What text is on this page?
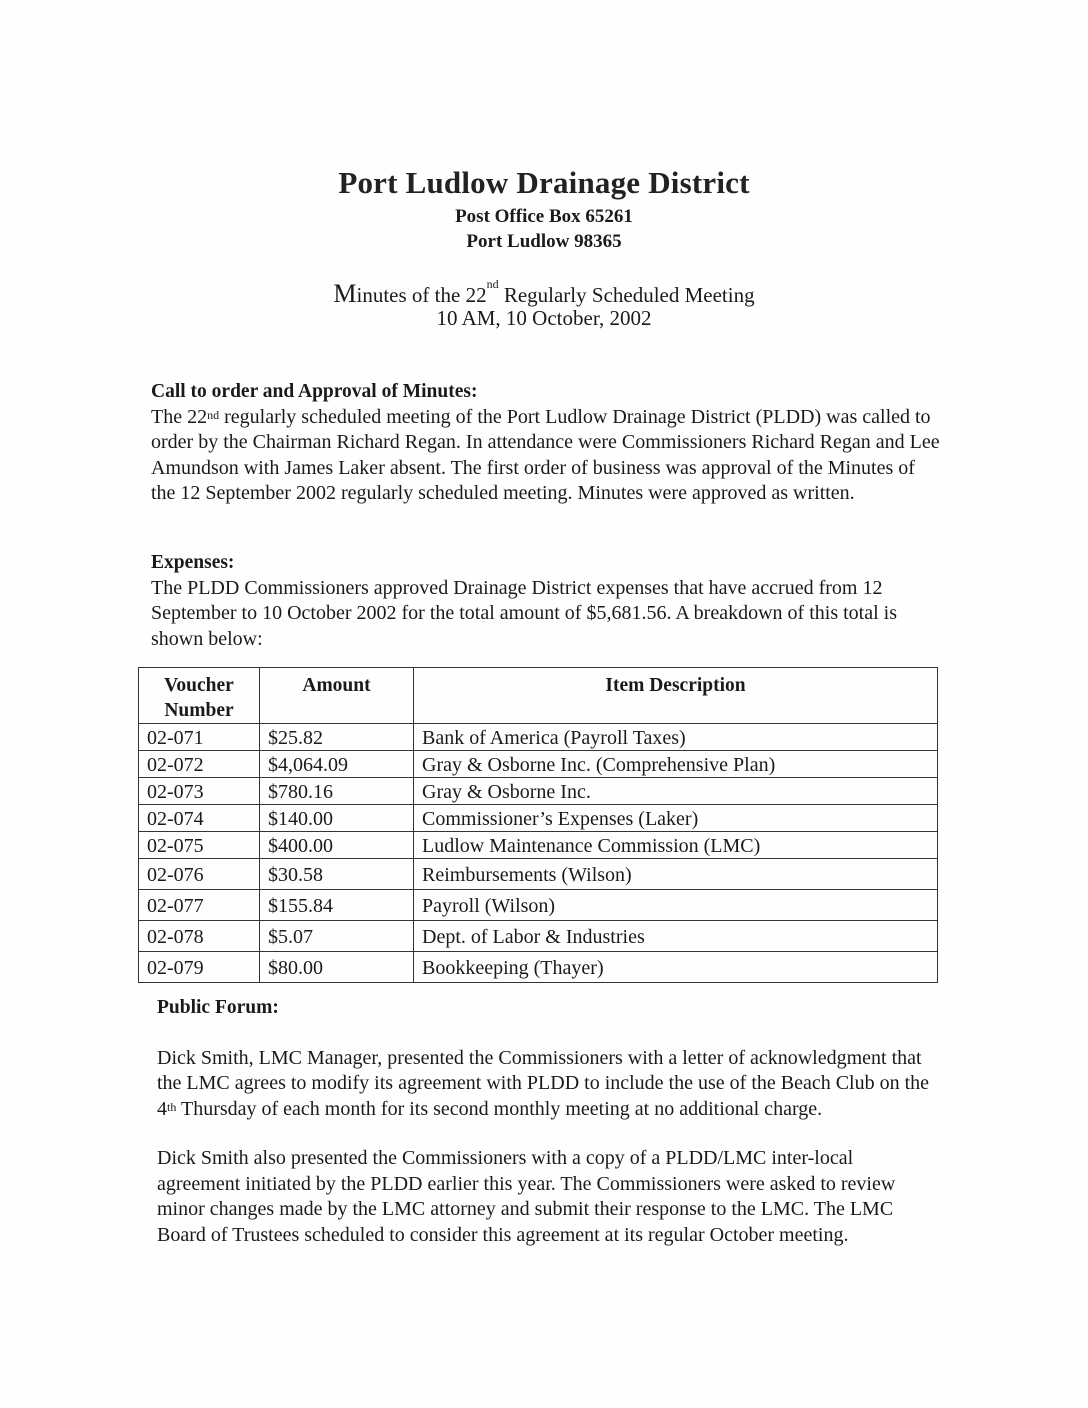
Port Ludlow Drainage District
Post Office Box 65261
Port Ludlow 98365
Minutes of the 22nd Regularly Scheduled Meeting
10 AM, 10 October, 2002
Call to order and Approval of Minutes:

The 22nd regularly scheduled meeting of the Port Ludlow Drainage District (PLDD) was called to order by the Chairman Richard Regan. In attendance were Commissioners Richard Regan and Lee Amundson with James Laker absent. The first order of business was approval of the Minutes of the 12 September 2002 regularly scheduled meeting. Minutes were approved as written.

Expenses:

The PLDD Commissioners approved Drainage District expenses that have accrued from 12 September to 10 October 2002 for the total amount of $5,681.56. A breakdown of this total is shown below:

Voucher Number	Amount	Item Description
02-071	$25.82	Bank of America (Payroll Taxes)
02-072	$4,064.09	Gray & Osborne Inc. (Comprehensive Plan)
02-073	$780.16	Gray & Osborne Inc.
02-074	$140.00	Commissioner’s Expenses (Laker)
02-075	$400.00	Ludlow Maintenance Commission (LMC)
02-076	$30.58	Reimbursements (Wilson)
02-077	$155.84	Payroll (Wilson)
02-078	$5.07	Dept. of Labor & Industries
02-079	$80.00	Bookkeeping (Thayer)
Public Forum:

Dick Smith, LMC Manager, presented the Commissioners with a letter of acknowledgment that the LMC agrees to modify its agreement with PLDD to include the use of the Beach Club on the 4th Thursday of each month for its second monthly meeting at no additional charge.

Dick Smith also presented the Commissioners with a copy of a PLDD/LMC inter-local agreement initiated by the PLDD earlier this year. The Commissioners were asked to review minor changes made by the LMC attorney and submit their response to the LMC. The LMC Board of Trustees scheduled to consider this agreement at its regular October meeting.
